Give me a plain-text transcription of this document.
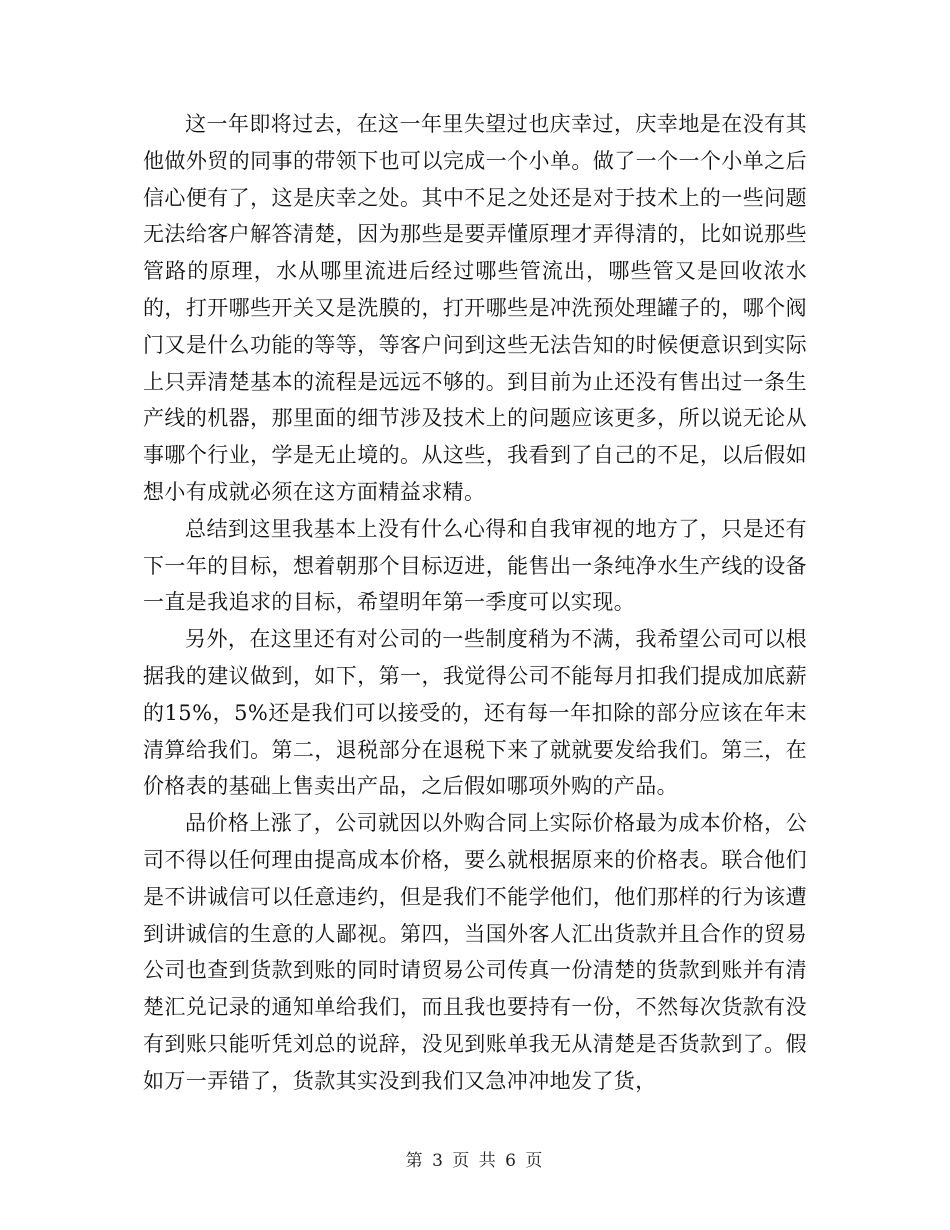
这一年即将过去，在这一年里失望过也庆幸过，庆幸地是在没有其他做外贸的同事的带领下也可以完成一个小单。做了一个一个小单之后信心便有了，这是庆幸之处。其中不足之处还是对于技术上的一些问题无法给客户解答清楚，因为那些是要弄懂原理才弄得清的，比如说那些管路的原理，水从哪里流进后经过哪些管流出，哪些管又是回收浓水的，打开哪些开关又是洗膜的，打开哪些是冲洗预处理罐子的，哪个阀门又是什么功能的等等，等客户问到这些无法告知的时候便意识到实际上只弄清楚基本的流程是远远不够的。到目前为止还没有售出过一条生产线的机器，那里面的细节涉及技术上的问题应该更多，所以说无论从事哪个行业，学是无止境的。从这些，我看到了自己的不足，以后假如想小有成就必须在这方面精益求精。

总结到这里我基本上没有什么心得和自我审视的地方了，只是还有下一年的目标，想着朝那个目标迈进，能售出一条纯净水生产线的设备一直是我追求的目标，希望明年第一季度可以实现。

另外，在这里还有对公司的一些制度稍为不满，我希望公司可以根据我的建议做到，如下，第一，我觉得公司不能每月扣我们提成加底薪的15%，5%还是我们可以接受的，还有每一年扣除的部分应该在年末清算给我们。第二，退税部分在退税下来了就就要发给我们。第三，在价格表的基础上售卖出产品，之后假如哪项外购的产品。

品价格上涨了，公司就因以外购合同上实际价格最为成本价格，公司不得以任何理由提高成本价格，要么就根据原来的价格表。联合他们是不讲诚信可以任意违约，但是我们不能学他们，他们那样的行为该遭到讲诚信的生意的人鄙视。第四，当国外客人汇出货款并且合作的贸易公司也查到货款到账的同时请贸易公司传真一份清楚的货款到账并有清楚汇兑记录的通知单给我们，而且我也要持有一份，不然每次货款有没有到账只能听凭刘总的说辞，没见到账单我无从清楚是否货款到了。假如万一弄错了，货款其实没到我们又急冲冲地发了货，

第 3 页 共 6 页
